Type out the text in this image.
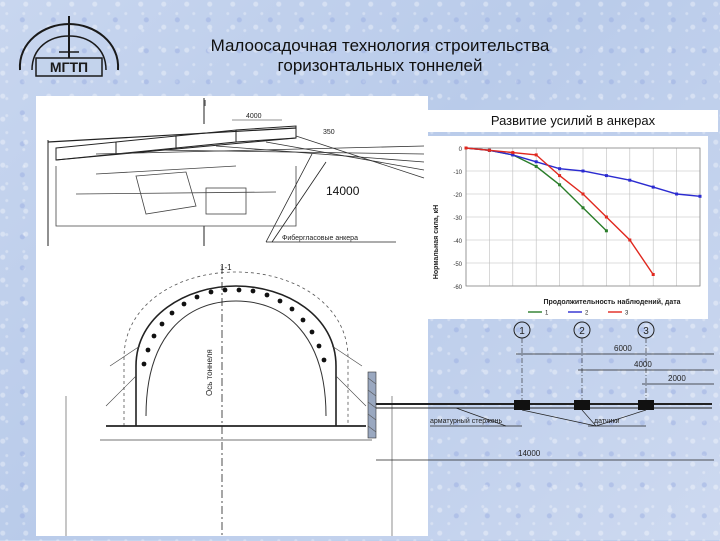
МГТП
Малоосадочная технология строительства
горизонтальных тоннелей
I
4000
350
Фибергласовые анкера
1-1
Ось тоннеля
1	2	3
6000
4000
2000
14000
арматурный стержень	датчики
14000
Развитие усилий в анкерах
Нормальная сила, кН
Продолжительность наблюдений, дата
0
-10
-20
-30
-40
-50
-60
1	2	3
